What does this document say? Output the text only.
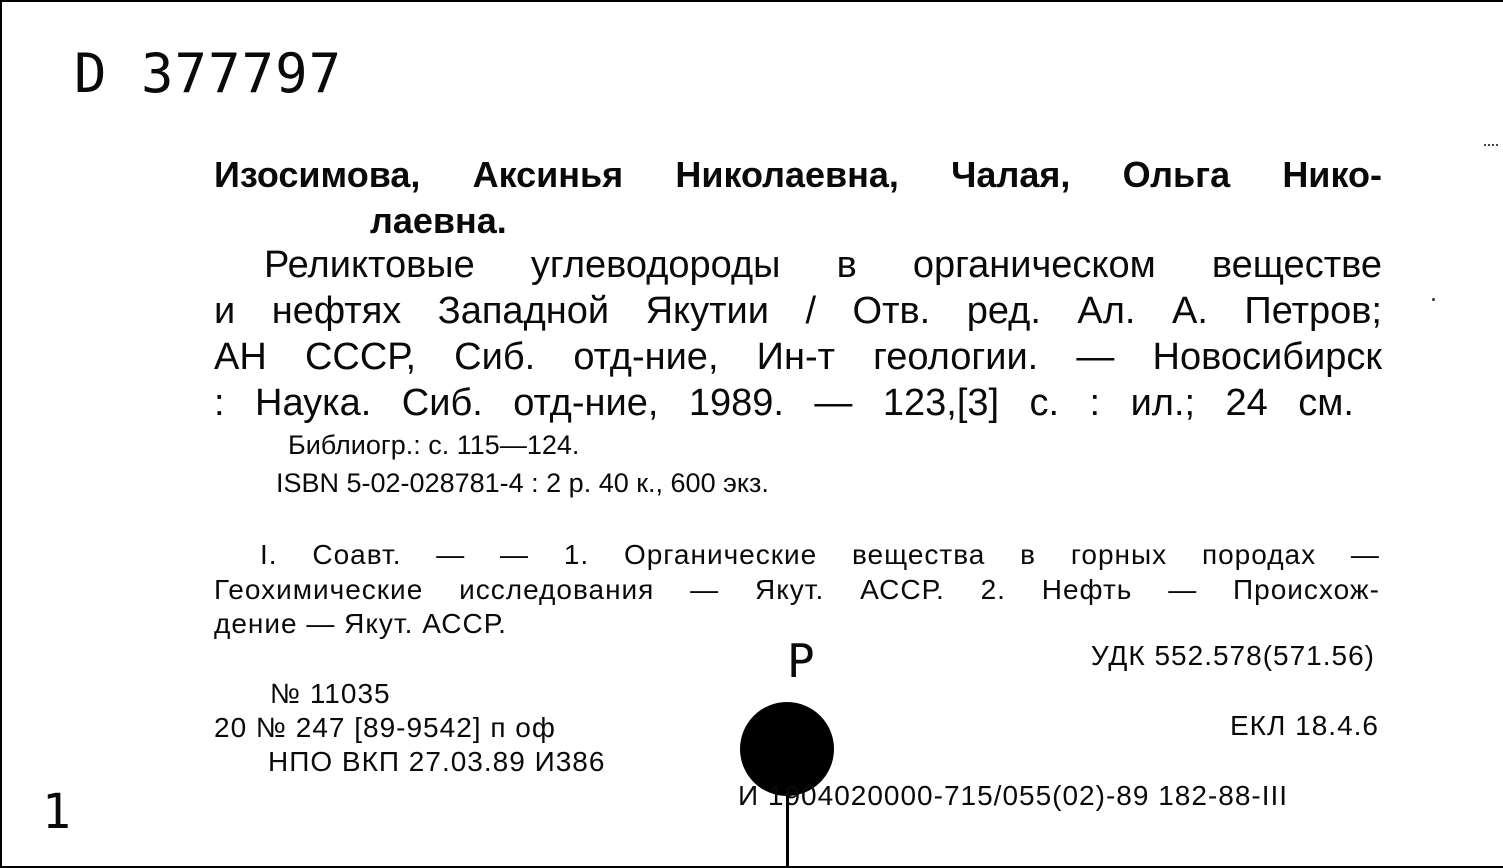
D 377797
Изосимова, Аксинья Николаевна, Чалая, Ольга Нико-
лаевна.
Реликтовые углеводороды в органическом веществе
и нефтях Западной Якутии / Отв. ред. Ал. А. Петров;
АН СССР, Сиб. отд-ние, Ин-т геологии. — Новосибирск
: Наука. Сиб. отд-ние, 1989. — 123,[3] с. : ил.; 24 см.
Библиогр.: с. 115—124.
ISBN 5-02-028781-4 : 2 р. 40 к., 600 экз.
I. Соавт. — — 1. Органические вещества в горных породах —
Геохимические исследования — Якут. АССР. 2. Нефть — Происхож-
дение — Якут. АССР.
УДК 552.578(571.56)
ЕКЛ 18.4.6
№ 11035
20 № 247 [89-9542] п оф
НПО ВКП 27.03.89 И386
P
И 1904020000-715/055(02)-89 182-88-III
1
